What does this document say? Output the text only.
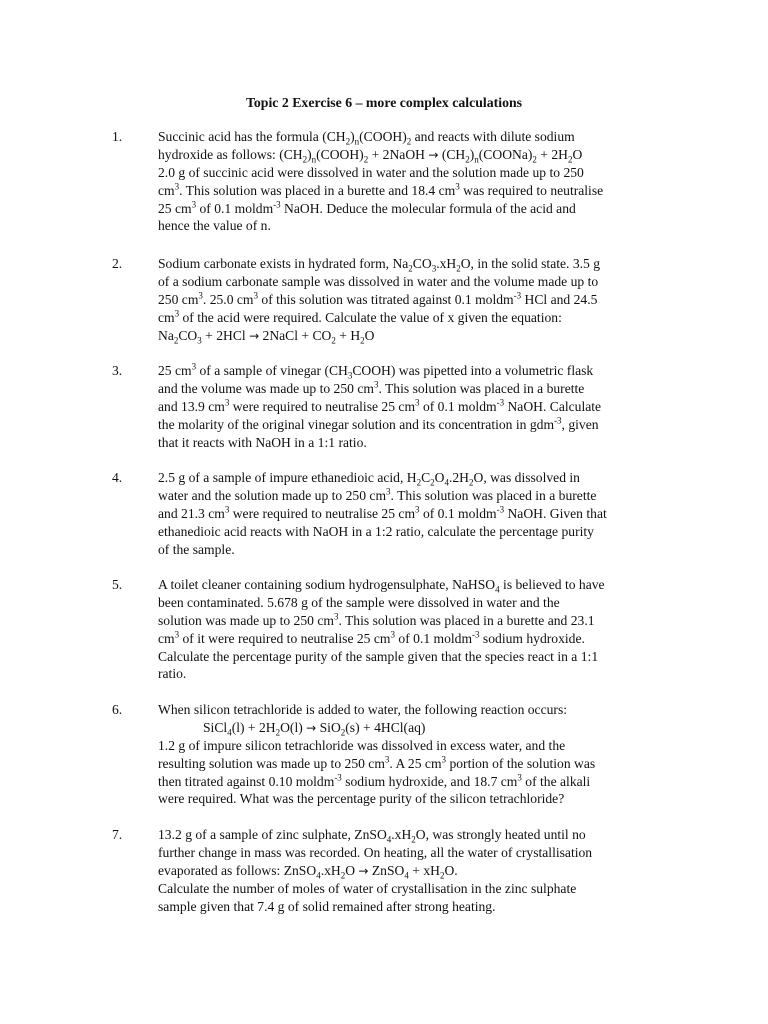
Topic 2 Exercise 6 – more complex calculations
1.	Succinic acid has the formula $(CH_2)_n(COOH)_2$ and reacts with dilute sodium
hydroxide as follows: $(CH_2)_n(COOH)_2$ + 2NaOH → $(CH_2)_n(COONa)_2 + 2H_2O$
2.0 g of succinic acid were dissolved in water and the solution made up to 250
$cm^3$. This solution was placed in a burette and 18.4 $cm^3$ was required to neutralise
25 $cm^3$ of 0.1 moldm$^{-3}$ NaOH. Deduce the molecular formula of the acid and
hence the value of n.
2.	Sodium carbonate exists in hydrated form, $Na_2CO_3.xH_2O$, in the solid state. 3.5 g
of a sodium carbonate sample was dissolved in water and the volume made up to
250 $cm^3$. 25.0 $cm^3$ of this solution was titrated against 0.1 moldm$^{-3}$ HCl and 24.5
$cm^3$ of the acid were required. Calculate the value of x given the equation:
$Na_2CO_3 + 2HCl$ → 2NaCl + $CO_2 + H_2O$
3.	25 $cm^3$ of a sample of vinegar $(CH_3COOH)$ was pipetted into a volumetric flask
and the volume was made up to 250 $cm^3$. This solution was placed in a burette
and 13.9 $cm^3$ were required to neutralise 25 $cm^3$ of 0.1 moldm$^{-3}$ NaOH. Calculate
the molarity of the original vinegar solution and its concentration in gdm$^{-3}$, given
that it reacts with NaOH in a 1:1 ratio.
4.	2.5 g of a sample of impure ethanedioic acid, $H_2C_2O_4.2H_2O$, was dissolved in
water and the solution made up to 250 $cm^3$. This solution was placed in a burette
and 21.3 $cm^3$ were required to neutralise 25 $cm^3$ of 0.1 moldm$^{-3}$ NaOH. Given that
ethanedioic acid reacts with NaOH in a 1:2 ratio, calculate the percentage purity
of the sample.
5.	A toilet cleaner containing sodium hydrogensulphate, NaHSO$_4$ is believed to have
been contaminated. 5.678 g of the sample were dissolved in water and the
solution was made up to 250 $cm^3$. This solution was placed in a burette and 23.1
$cm^3$ of it were required to neutralise 25 $cm^3$ of 0.1 moldm$^{-3}$ sodium hydroxide.
Calculate the percentage purity of the sample given that the species react in a 1:1
ratio.
6.	When silicon tetrachloride is added to water, the following reaction occurs:
SiCl$_4$(l) + $2H_2O(l) \to SiO_2(s) + 4HCl(aq)$
1.2 g of impure silicon tetrachloride was dissolved in excess water, and the
resulting solution was made up to 250 $cm^3$. A 25 $cm^3$ portion of the solution was
then titrated against 0.10 moldm$^{-3}$ sodium hydroxide, and 18.7 $cm^3$ of the alkali
were required. What was the percentage purity of the silicon tetrachloride?
7.	13.2 g of a sample of zinc sulphate, $ZnSO_4.xH_2O$, was strongly heated until no
further change in mass was recorded. On heating, all the water of crystallisation
evaporated as follows: $ZnSO_4.xH_2O$ → ZnSO$_4$ + $xH_2O$.
Calculate the number of moles of water of crystallisation in the zinc sulphate
sample given that 7.4 g of solid remained after strong heating.
